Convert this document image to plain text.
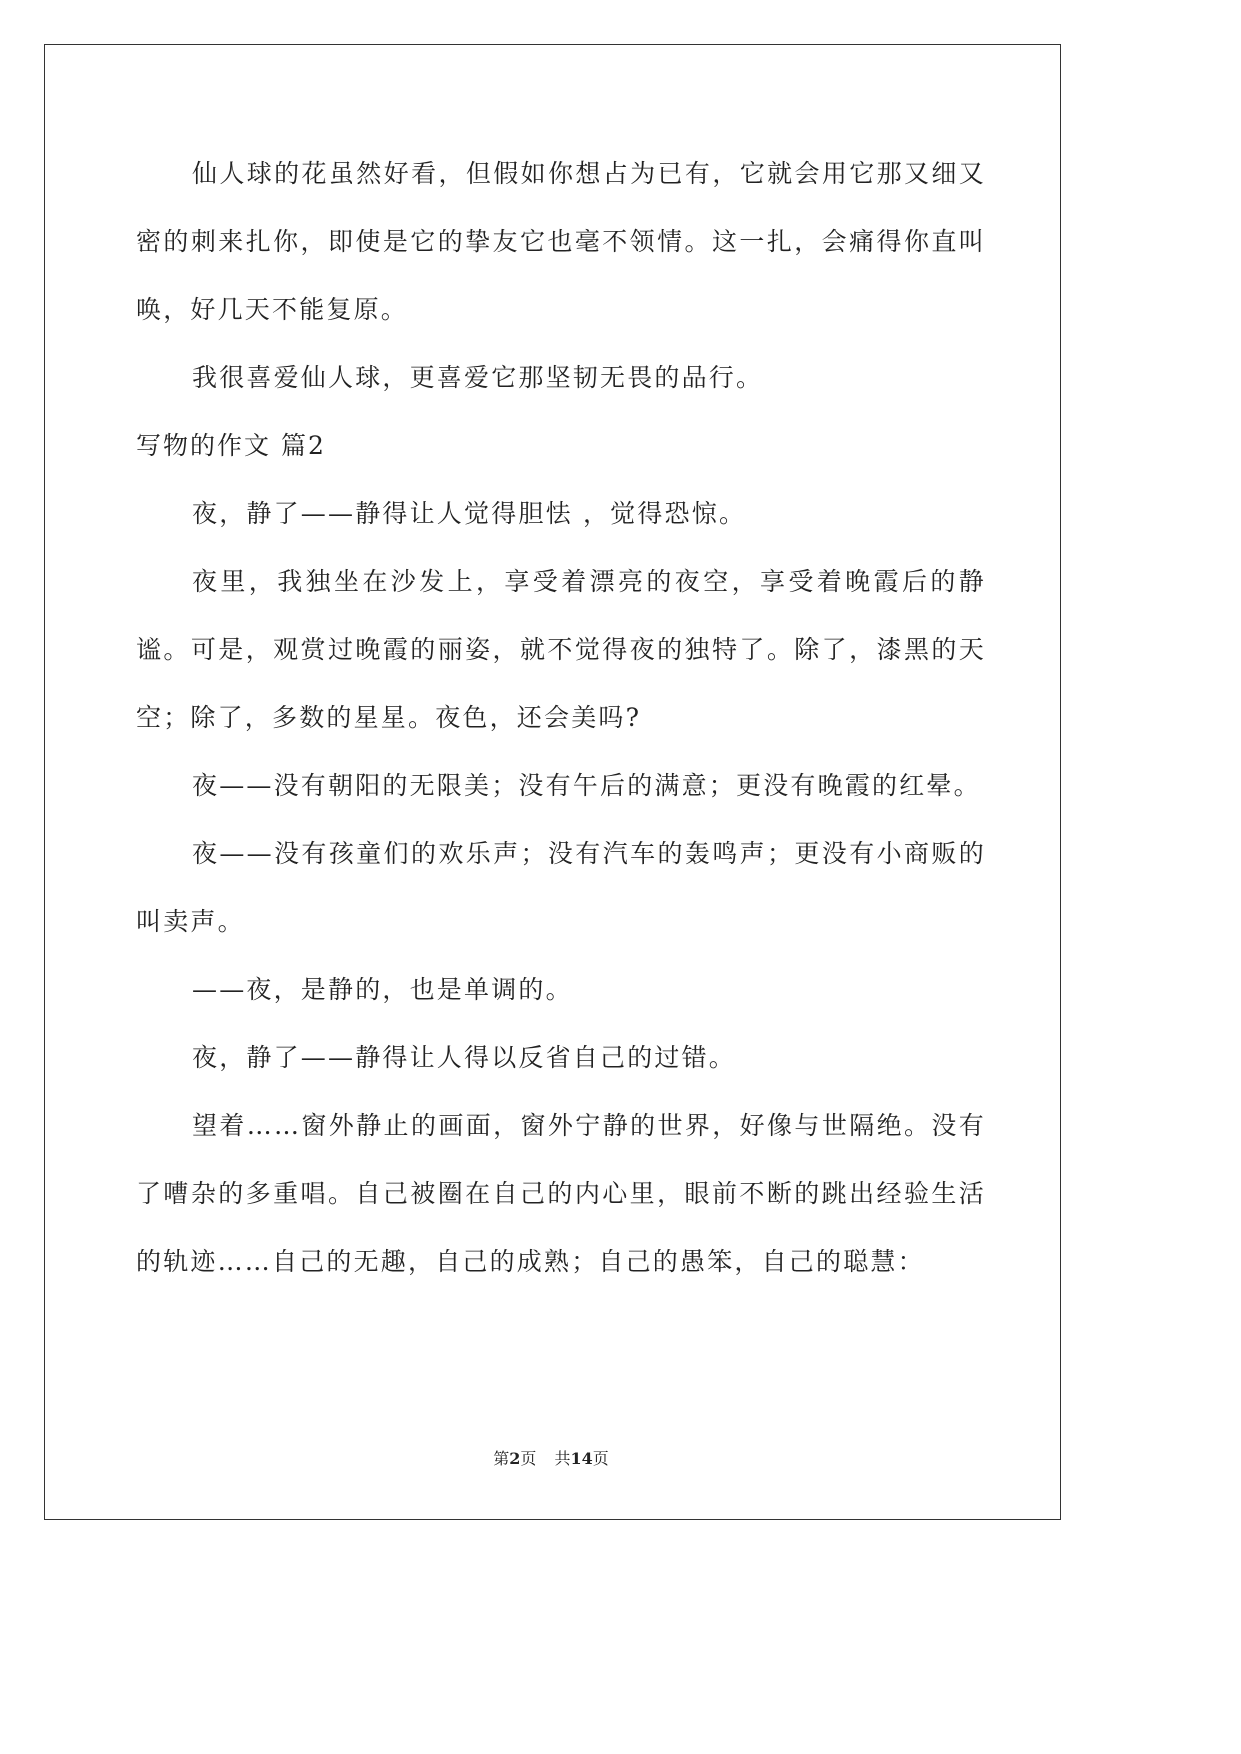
仙人球的花虽然好看，但假如你想占为已有，它就会用它那又细又密的刺来扎你，即使是它的挚友它也毫不领情。这一扎，会痛得你直叫唤，好几天不能复原。

我很喜爱仙人球，更喜爱它那坚韧无畏的品行。

写物的作文 篇2

夜，静了——静得让人觉得胆怯 ，觉得恐惊。

夜里，我独坐在沙发上，享受着漂亮的夜空，享受着晚霞后的静谧。可是，观赏过晚霞的丽姿，就不觉得夜的独特了。除了，漆黑的天空；除了，多数的星星。夜色，还会美吗?

夜——没有朝阳的无限美；没有午后的满意；更没有晚霞的红晕。

夜——没有孩童们的欢乐声；没有汽车的轰鸣声；更没有小商贩的叫卖声。

——夜，是静的，也是单调的。

夜，静了——静得让人得以反省自己的过错。

望着……窗外静止的画面，窗外宁静的世界，好像与世隔绝。没有了嘈杂的多重唱。自己被圈在自己的内心里，眼前不断的跳出经验生活的轨迹……自己的无趣，自己的成熟；自己的愚笨，自己的聪慧：

第2页 共14页
